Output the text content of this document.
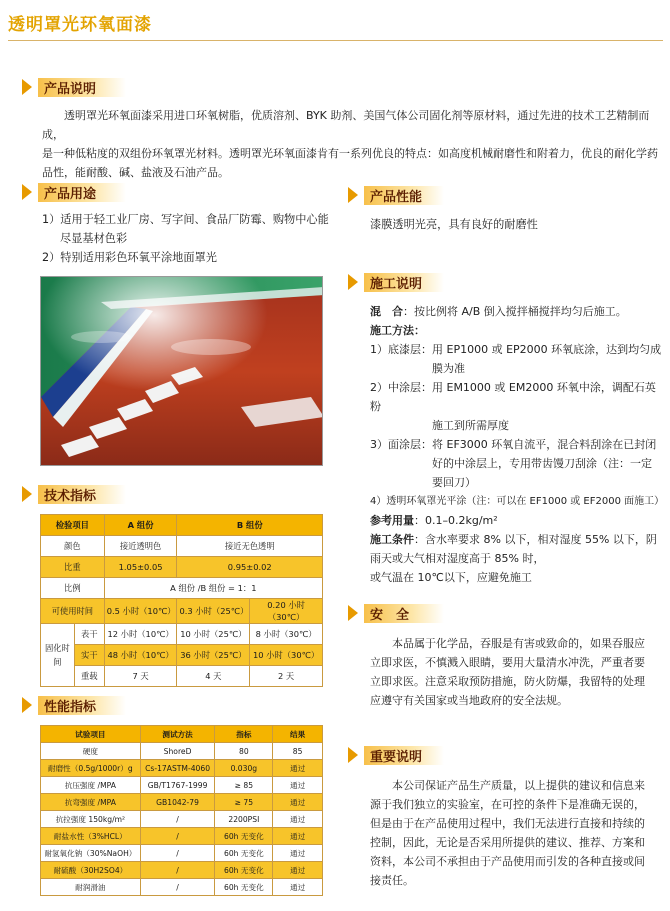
透明罩光环氧面漆
产品说明

透明罩光环氧面漆采用进口环氧树脂，优质溶剂、BYK 助剂、美国气体公司固化剂等原材料，通过先进的技术工艺精制而成，

是一种低粘度的双组份环氧罩光材料。透明罩光环氧面漆肯有一系列优良的特点：如高度机械耐磨性和附着力，优良的耐化学药

品性，能耐酸、碱、盐液及石油产品。

产品用途

1）适用于轻工业厂房、写字间、食品厂防霉、购物中心能

尽显基材色彩

2）特别适用彩色环氧平涂地面罩光

技术指标
检验项目		A 组份	B 组份	
颜色		接近透明色	接近无色透明	
比重		1.05±0.05	0.95±0.02	
比例		A 组份 /B 组份 = 1：1		
可使用时间		0.5 小时（10℃）	0.3 小时（25℃）	0.20 小时（30℃）
固化时间	表干	12 小时（10℃）	10 小时（25℃）	8 小时（30℃）
	实干	48 小时（10℃）	36 小时（25℃）	10 小时（30℃）
	重载	7 天	4 天	2 天
性能指标
试验项目	测试方法	指标	结果
硬度	ShoreD	80	85
耐磨性（0.5g/1000r）g	Cs-17ASTM-4060	0.030g	通过
抗压强度 /MPA	GB/T1767-1999	≥ 85	通过
抗弯强度 /MPA	GB1042-79	≥ 75	通过
抗拉强度 150kg/m²	/	2200PSI	通过
耐盐水性（3%HCL）	/	60h 无变化	通过
耐氢氧化钠（30%NaOH）	/	60h 无变化	通过
耐硫酸（30H2SO4）	/	60h 无变化	通过
耐润滑油	/	60h 无变化	通过
产品性能

漆膜透明光亮，具有良好的耐磨性

施工说明

混　合：按比例将 A/B 倒入搅拌桶搅拌均匀后施工。

施工方法：

1）底漆层：用 EP1000 或 EP2000 环氧底涂，达到均匀成

膜为准

2）中涂层：用 EM1000 或 EM2000 环氧中涂，调配石英粉

施工到所需厚度

3）面涂层：将 EF3000 环氧自流平，混合料刮涂在已封闭

好的中涂层上，专用带齿馒刀刮涂（注：一定

要回刀）

4）透明环氧罩光平涂（注：可以在 EF1000 或 EF2000 面施工）

参考用量：0.1–0.2kg/m²

施工条件：含水率要求 8% 以下，相对湿度 55% 以下，阴

雨天或大气相对湿度高于 85% 时，

或气温在 10℃以下，应避免施工

安　全

本品属于化学品，吞服是有害或致命的，如果吞服应

立即求医，不慎溅入眼睛，要用大量清水冲洗，严重者要

立即求医。注意采取预防措施，防火防爆，我留特的处理

应遵守有关国家或当地政府的安全法规。

重要说明

本公司保证产品生产质量，以上提供的建议和信息来

源于我们独立的实验室，在可控的条件下是准确无误的，

但是由于在产品使用过程中，我们无法进行直接和持续的

控制，因此，无论是否采用所提供的建议、推荐、方案和

资料，本公司不承担由于产品使用而引发的各种直接或间

接责任。
